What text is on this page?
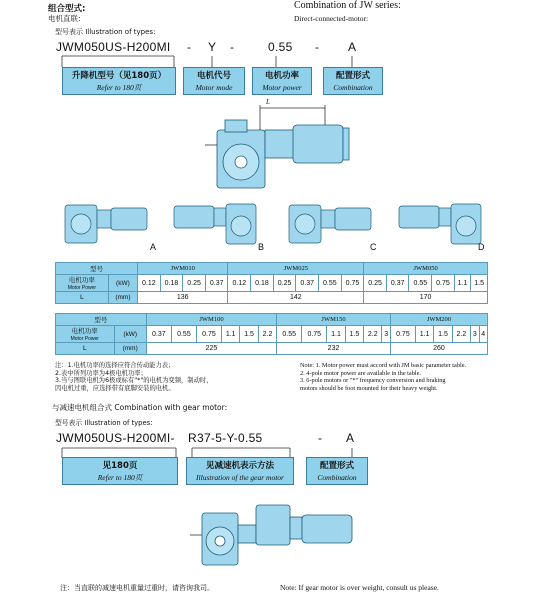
组合型式:
电机直联:
Combination of JW series:
Direct-connected-motor:
型号表示 Illustration of types:
JWM050US-H200MI - Y -	0.55 - A
升降机型号（见180页）
Refer to 180页
电机代号
Motor mode
电机功率
Motor power
配置形式
Combination
L
A	B	C	D
型号		JWM010				JWM025						JWM050					
电机功率
Motor Power	(kW)	0.12	0.18	0.25	0.37	0.12	0.18	0.25	0.37	0.55	0.75	0.25	0.37	0.55	0.75	1.1	1.5
L	(mm)	136				142						170					
型号		JWM100						JWM150						JWM200					
电机功率
Motor Power	(kW)	0.37	0.55	0.75	1.1	1.5	2.2	0.55	0.75	1.1	1.5	2.2	3	0.75	1.1	1.5	2.2	3	4
L	(mm)	225						232						260					
注：1.电机功率的选择应符合传动能力表；
2.表中所列功率为4极电机功率；
3.当与图联电机为6极或标有"*"的电机为变频，制动时，
因电机过重，应选择带有底脚安装的电机。
Note: 1. Motor power must accord with JM basic parameter table.
2. 4-pole motor power are available in the table.
3. 6-pole motors or "*" frequency conversion and braking
motors should be foot mounted for their heavy weight.
与减速电机组合式 Combination with gear motor:
型号表示 Illustration of types:
JWM050US-H200MI- R37-5-Y-0.55	- A
见180页
Refer to 180页
见减速机表示方法
Illustration of the gear motor
配置形式
Combination
注：当直联的减速电机重量过重时，请咨询我司。	Note: If gear motor is over weight, consult us please.
